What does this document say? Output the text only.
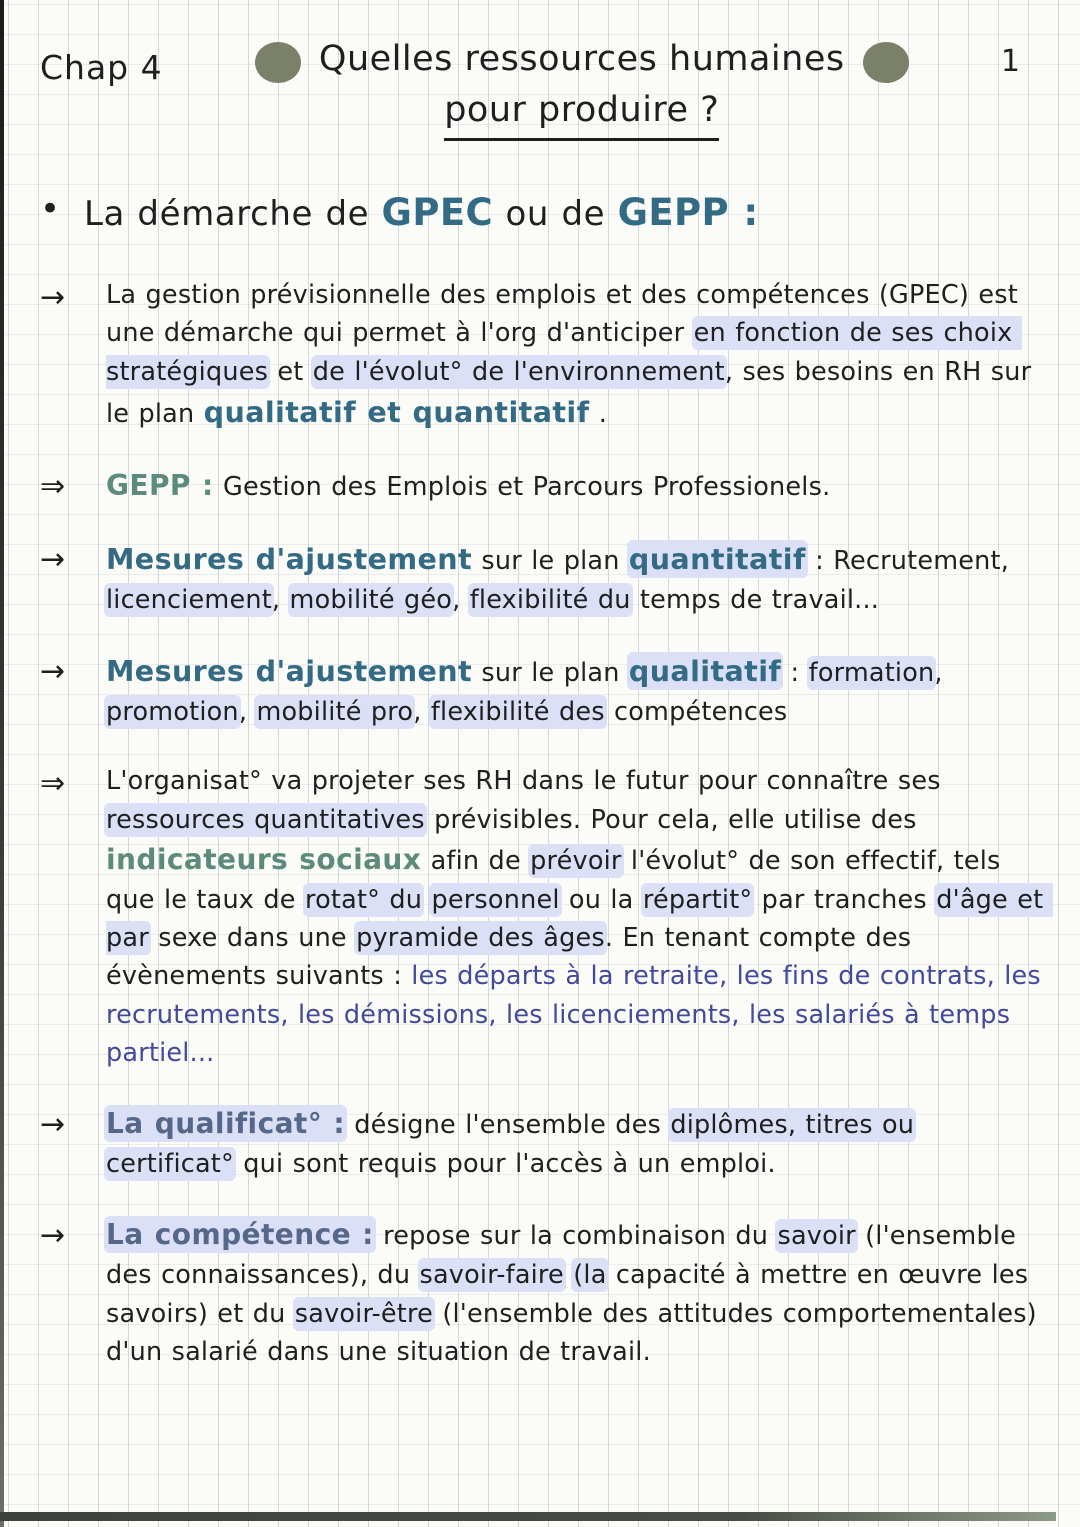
Chap 4	Quelles ressources humaines
pour produire ?
1
• La démarche de GPEC ou de GEPP :

→	La gestion prévisionnelle des emplois et des compétences (GPEC) est une démarche qui permet à l'org d'anticiper en fonction de ses choix stratégiques et de l'évolut° de l'environnement, ses besoins en RH sur le plan qualitatif et quantitatif .

⇒	GEPP : Gestion des Emplois et Parcours Professionels.

→	Mesures d'ajustement sur le plan quantitatif : Recrutement, licenciement, mobilité géo, flexibilité du temps de travail...

→	Mesures d'ajustement sur le plan qualitatif : formation, promotion, mobilité pro, flexibilité des compétences

⇒	L'organisat° va projeter ses RH dans le futur pour connaître ses ressources quantitatives prévisibles. Pour cela, elle utilise des indicateurs sociaux afin de prévoir l'évolut° de son effectif, tels que le taux de rotat° du personnel ou la répartit° par tranches d'âge et par sexe dans une pyramide des âges. En tenant compte des évènements suivants : les départs à la retraite, les fins de contrats, les recrutements, les démissions, les licenciements, les salariés à temps partiel...

→	La qualificat° : désigne l'ensemble des diplômes, titres ou certificat° qui sont requis pour l'accès à un emploi.

→	La compétence : repose sur la combinaison du savoir (l'ensemble des connaissances), du savoir-faire (la capacité à mettre en œuvre les savoirs) et du savoir-être (l'ensemble des attitudes comportementales) d'un salarié dans une situation de travail.
